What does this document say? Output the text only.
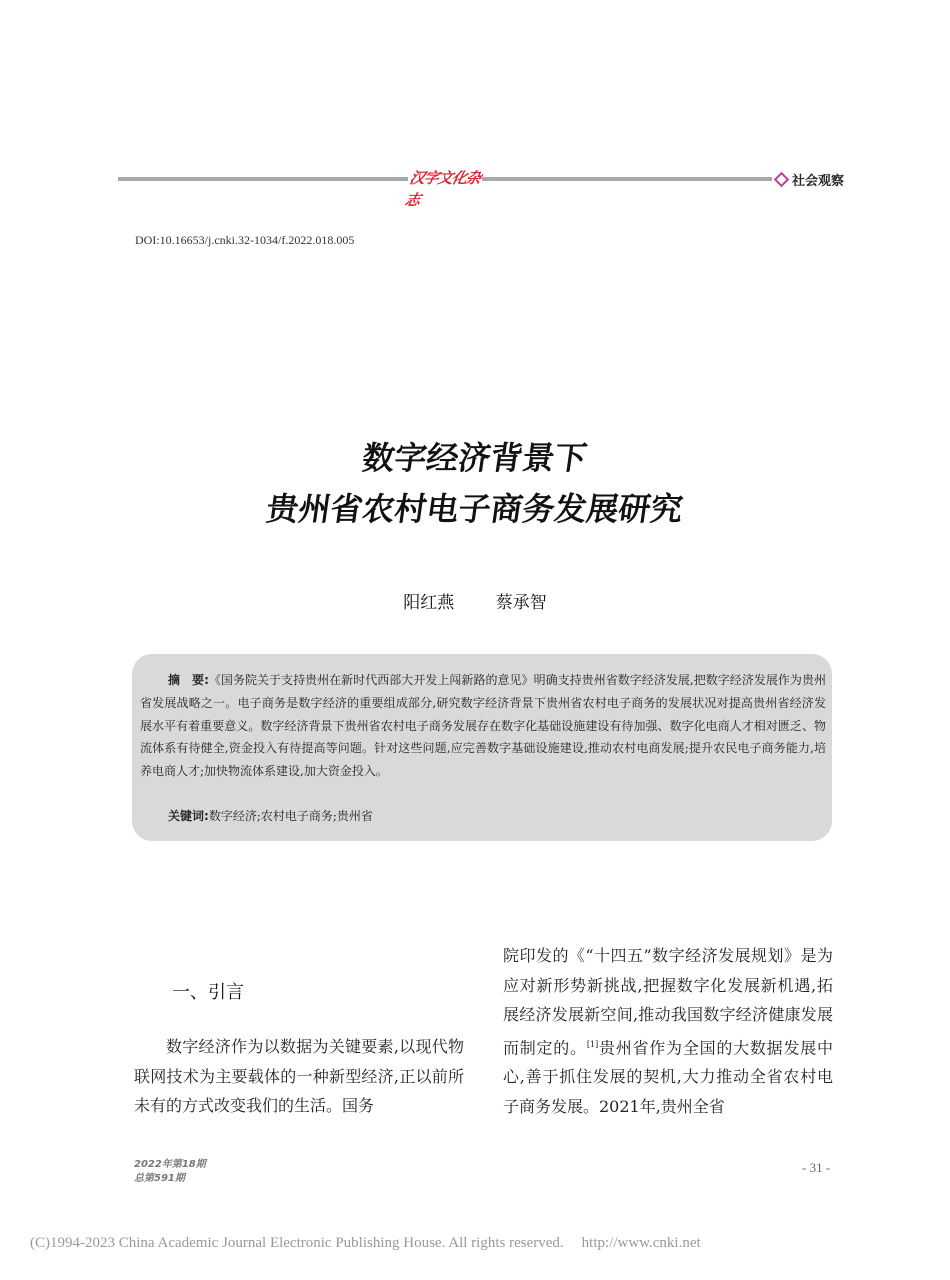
汉字文化杂志
社会观察
DOI:10.16653/j.cnki.32-1034/f.2022.018.005
数字经济背景下
贵州省农村电子商务发展研究
阳红燕 蔡承智
摘　要:《国务院关于支持贵州在新时代西部大开发上闯新路的意见》明确支持贵州省数字经济发展,把数字经济发展作为贵州省发展战略之一。电子商务是数字经济的重要组成部分,研究数字经济背景下贵州省农村电子商务的发展状况对提高贵州省经济发展水平有着重要意义。数字经济背景下贵州省农村电子商务发展存在数字化基础设施建设有待加强、数字化电商人才相对匮乏、物流体系有待健全,资金投入有待提高等问题。针对这些问题,应完善数字基础设施建设,推动农村电商发展;提升农民电子商务能力,培养电商人才;加快物流体系建设,加大资金投入。
关键词:数字经济;农村电子商务;贵州省
一、引言

数字经济作为以数据为关键要素,以现代物联网技术为主要载体的一种新型经济,正以前所未有的方式改变我们的生活。国务

院印发的《“十四五”数字经济发展规划》是为应对新形势新挑战,把握数字化发展新机遇,拓展经济发展新空间,推动我国数字经济健康发展而制定的。[1]贵州省作为全国的大数据发展中心,善于抓住发展的契机,大力推动全省农村电子商务发展。2021年,贵州全省

2022年第18期
总第591期
- 31 -
(C)1994-2023 China Academic Journal Electronic Publishing House. All rights reserved. http://www.cnki.net
